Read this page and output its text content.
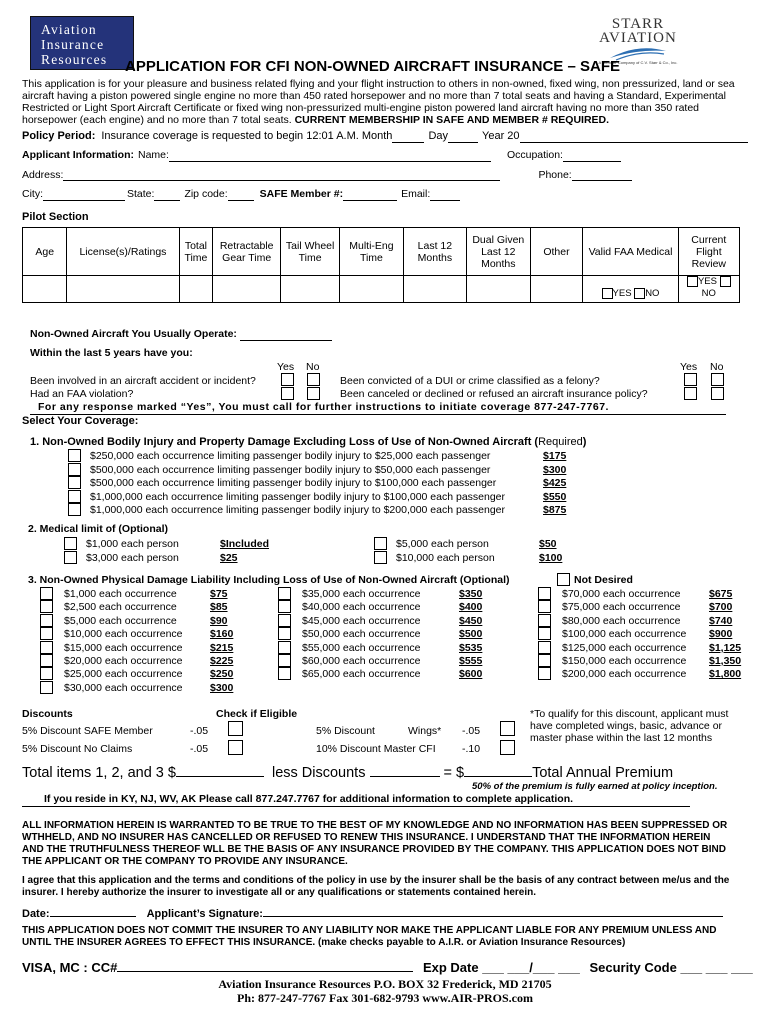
Aviation
Insurance
Resources
STARR
AVIATION
A Member Company of C.V. Starr & Co., Inc.
APPLICATION FOR CFI NON-OWNED AIRCRAFT INSURANCE – SAFE
This application is for your pleasure and business related flying and your flight instruction to others in non-owned, fixed wing, non pressurized, land or sea aircraft having a piston powered single engine no more than 450 rated horsepower and no more than 7 total seats and having a Standard, Experimental Restricted or Light Sport Aircraft Certificate or fixed wing non-pressurized multi-engine piston powered land aircraft having no more than 350 rated horsepower (each engine) and no more than 7 total seats. CURRENT MEMBERSHIP IN SAFE AND MEMBER # REQUIRED.
Policy Period: Insurance coverage is requested to begin 12:01 A.M. Month	Day	Year 20
Applicant Information: Name:	Occupation:
Address:	Phone:
City:	State:	Zip code:	SAFE Member #:	Email:
Pilot Section
Age	License(s)/Ratings	Total Time	Retractable Gear Time	Tail Wheel Time	Multi-Eng Time	Last 12 Months	Dual Given Last 12 Months	Other	Valid FAA Medical	Current Flight Review
									YES NO	YES NO
Non-Owned Aircraft You Usually Operate:
Within the last 5 years have you:
Yes No	Yes No
Been involved in an aircraft accident or incident?
Had an FAA violation?
Been convicted of a DUI or crime classified as a felony?
Been canceled or declined or refused an aircraft insurance policy?
For any response marked “Yes”, You must call for further instructions to initiate coverage 877-247-7767.
Select Your Coverage:
1. Non-Owned Bodily Injury and Property Damage Excluding Loss of Use of Non-Owned Aircraft (Required)
$250,000 each occurrence limiting passenger bodily injury to $25,000 each passenger	$175
$500,000 each occurrence limiting passenger bodily injury to $50,000 each passenger	$300
$500,000 each occurrence limiting passenger bodily injury to $100,000 each passenger	$425
$1,000,000 each occurrence limiting passenger bodily injury to $100,000 each passenger	$550
$1,000,000 each occurrence limiting passenger bodily injury to $200,000 each passenger	$875
2. Medical limit of (Optional)
$1,000 each person	$Included
$3,000 each person	$25
$5,000 each person	$50
$10,000 each person	$100
3. Non-Owned Physical Damage Liability Including Loss of Use of Non-Owned Aircraft (Optional)	Not Desired
$1,000 each occurrence	$75
$2,500 each occurrence	$85
$5,000 each occurrence	$90
$10,000 each occurrence	$160
$15,000 each occurrence	$215
$20,000 each occurrence	$225
$25,000 each occurrence	$250
$30,000 each occurrence	$300
$35,000 each occurrence	$350
$40,000 each occurrence	$400
$45,000 each occurrence	$450
$50,000 each occurrence	$500
$55,000 each occurrence	$535
$60,000 each occurrence	$555
$65,000 each occurrence	$600
$70,000 each occurrence	$675
$75,000 each occurrence	$700
$80,000 each occurrence	$740
$100,000 each occurrence $900
$125,000 each occurrence $1,125
$150,000 each occurrence $1,350
$200,000 each occurrence $1,800
Discounts	Check if Eligible
5% Discount SAFE Member	-.05
5% Discount No Claims	-.05
5% Discount	Wings* -.05
10% Discount Master CFI	-.10
*To qualify for this discount, applicant must have completed wings, basic, advance or master phase within the last 12 months
Total items 1, 2, and 3 $	less Discounts	= $	Total Annual Premium
50% of the premium is fully earned at policy inception.
If you reside in KY, NJ, WV, AK Please call 877.247.7767 for additional information to complete application.
ALL INFORMATION HEREIN IS WARRANTED TO BE TRUE TO THE BEST OF MY KNOWLEDGE AND NO INFORMATION HAS BEEN SUPPRESSED OR WTHHELD, AND NO INSURER HAS CANCELLED OR REFUSED TO RENEW THIS INSURANCE. I UNDERSTAND THAT THE INFORMATION HEREIN AND THE TRUTHFULNESS THEREOF WLL BE THE BASIS OF ANY INSURANCE PROVIDED BY THE COMPANY. THIS APPLICATION DOES NOT BIND THE APPLICANT OR THE COMPANY TO PROVIDE ANY INSURANCE.
I agree that this application and the terms and conditions of the policy in use by the insurer shall be the basis of any contract between me/us and the insurer. I hereby authorize the insurer to investigate all or any qualifications or statements contained herein.
Date:	Applicant’s Signature:
THIS APPLICATION DOES NOT COMMIT THE INSURER TO ANY LIABILITY NOR MAKE THE APPLICANT LIABLE FOR ANY PREMIUM UNLESS AND UNTIL THE INSURER AGREES TO EFFECT THIS INSURANCE. (make checks payable to A.I.R. or Aviation Insurance Resources)
VISA, MC : CC#	Exp Date ___ ___/___ ___ Security Code ___ ___ ___
Aviation Insurance Resources P.O. BOX 32 Frederick, MD 21705
Ph: 877-247-7767 Fax 301-682-9793 www.AIR-PROS.com
